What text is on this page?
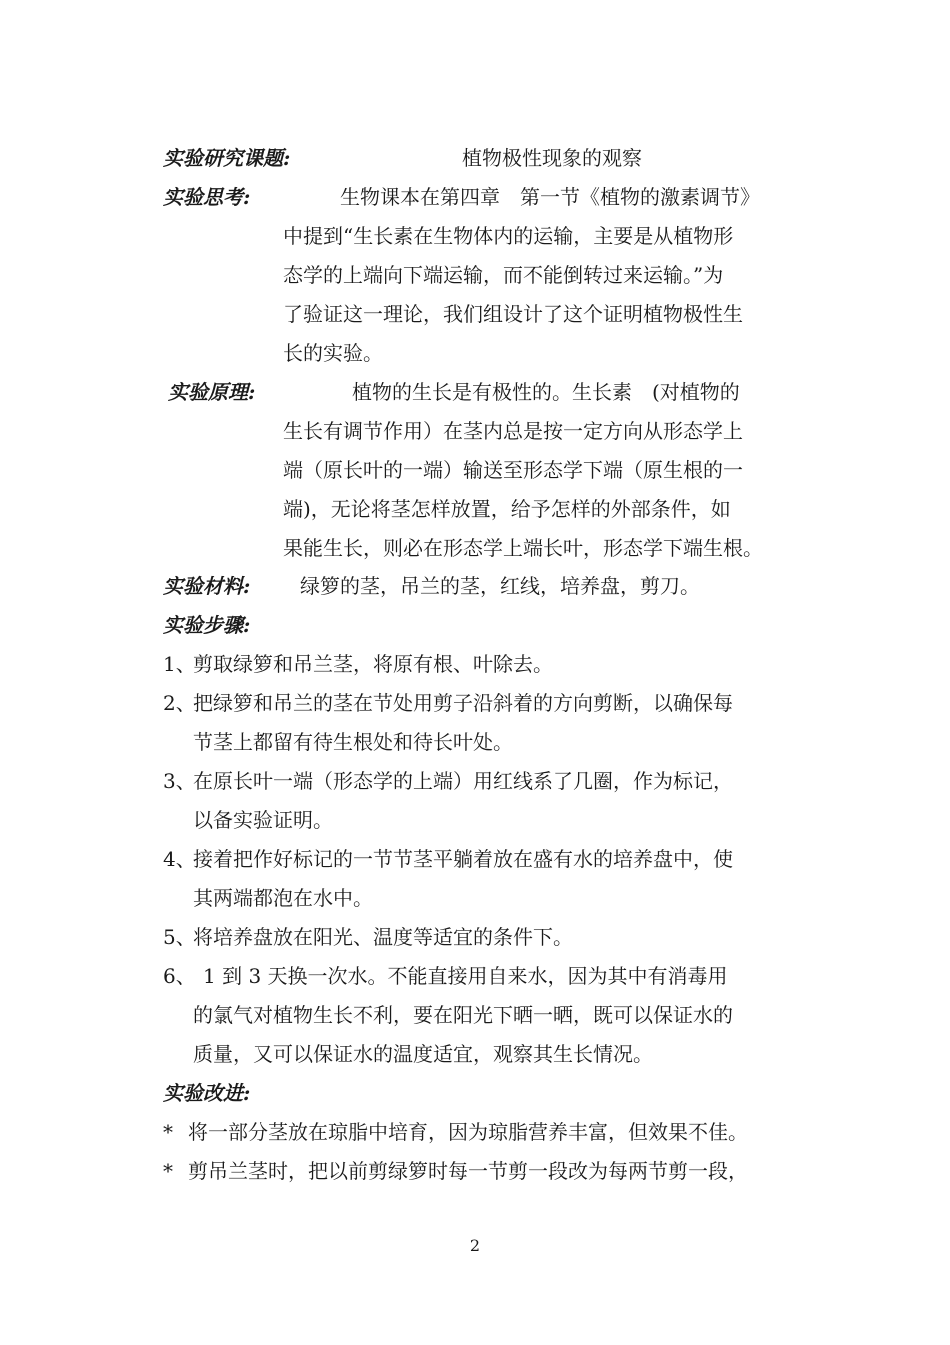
实验研究课题:	植物极性现象的观察
实验思考:	生物课本在第四章　第一节《植物的激素调节》
中提到“生长素在生物体内的运输，主要是从植物形
态学的上端向下端运输，而不能倒转过来运输。”为
了验证这一理论，我们组设计了这个证明植物极性生
长的实验。
实验原理:	植物的生长是有极性的。生长素　(对植物的
生长有调节作用）在茎内总是按一定方向从形态学上
端（原长叶的一端）输送至形态学下端（原生根的一
端)，无论将茎怎样放置，给予怎样的外部条件，如
果能生长，则必在形态学上端长叶，形态学下端生根。
实验材料: 绿箩的茎，吊兰的茎，红线，培养盘，剪刀。
实验步骤:
1、
剪取绿箩和吊兰茎，将原有根、叶除去。
2、
把绿箩和吊兰的茎在节处用剪子沿斜着的方向剪断，以确保每
节茎上都留有待生根处和待长叶处。
3、
在原长叶一端（形态学的上端）用红线系了几圈，作为标记，
以备实验证明。
4、
接着把作好标记的一节节茎平躺着放在盛有水的培养盘中，使
其两端都泡在水中。
5、
将培养盘放在阳光、温度等适宜的条件下。
6、 1 到 3 天换一次水。不能直接用自来水，因为其中有消毒用
的氯气对植物生长不利，要在阳光下晒一晒，既可以保证水的
质量，又可以保证水的温度适宜，观察其生长情况。
实验改进:
* 将一部分茎放在琼脂中培育，因为琼脂营养丰富，但效果不佳。
* 剪吊兰茎时，把以前剪绿箩时每一节剪一段改为每两节剪一段，
2
